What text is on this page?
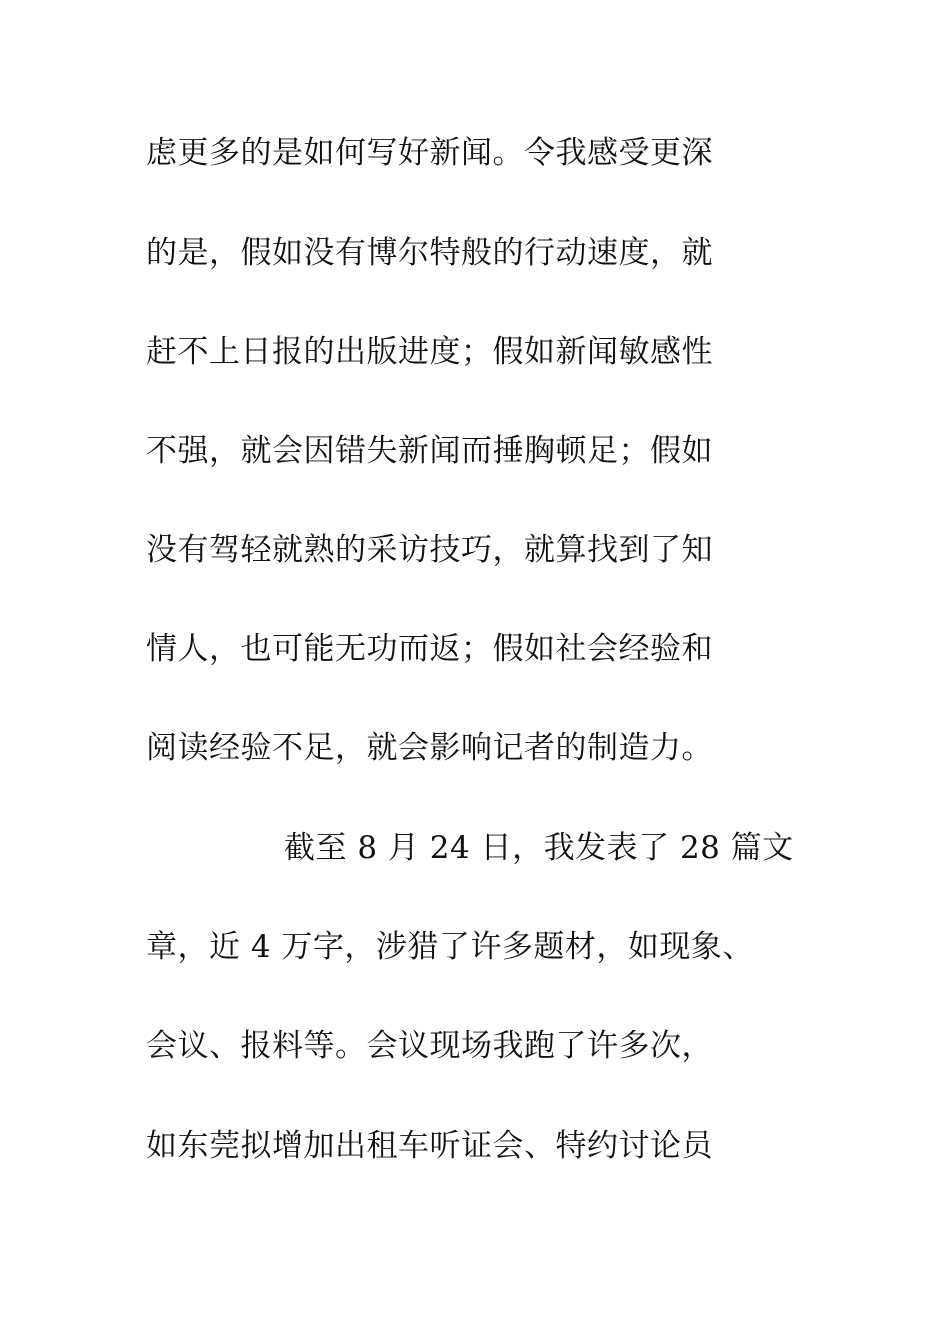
虑更多的是如何写好新闻。令我感受更深
的是，假如没有博尔特般的行动速度，就
赶不上日报的出版进度；假如新闻敏感性
不强，就会因错失新闻而捶胸顿足；假如
没有驾轻就熟的采访技巧，就算找到了知
情人，也可能无功而返；假如社会经验和
阅读经验不足，就会影响记者的制造力。
截至 8 月 24 日，我发表了 28 篇文
章，近 4 万字，涉猎了许多题材，如现象、
会议、报料等。会议现场我跑了许多次，
如东莞拟增加出租车听证会、特约讨论员
